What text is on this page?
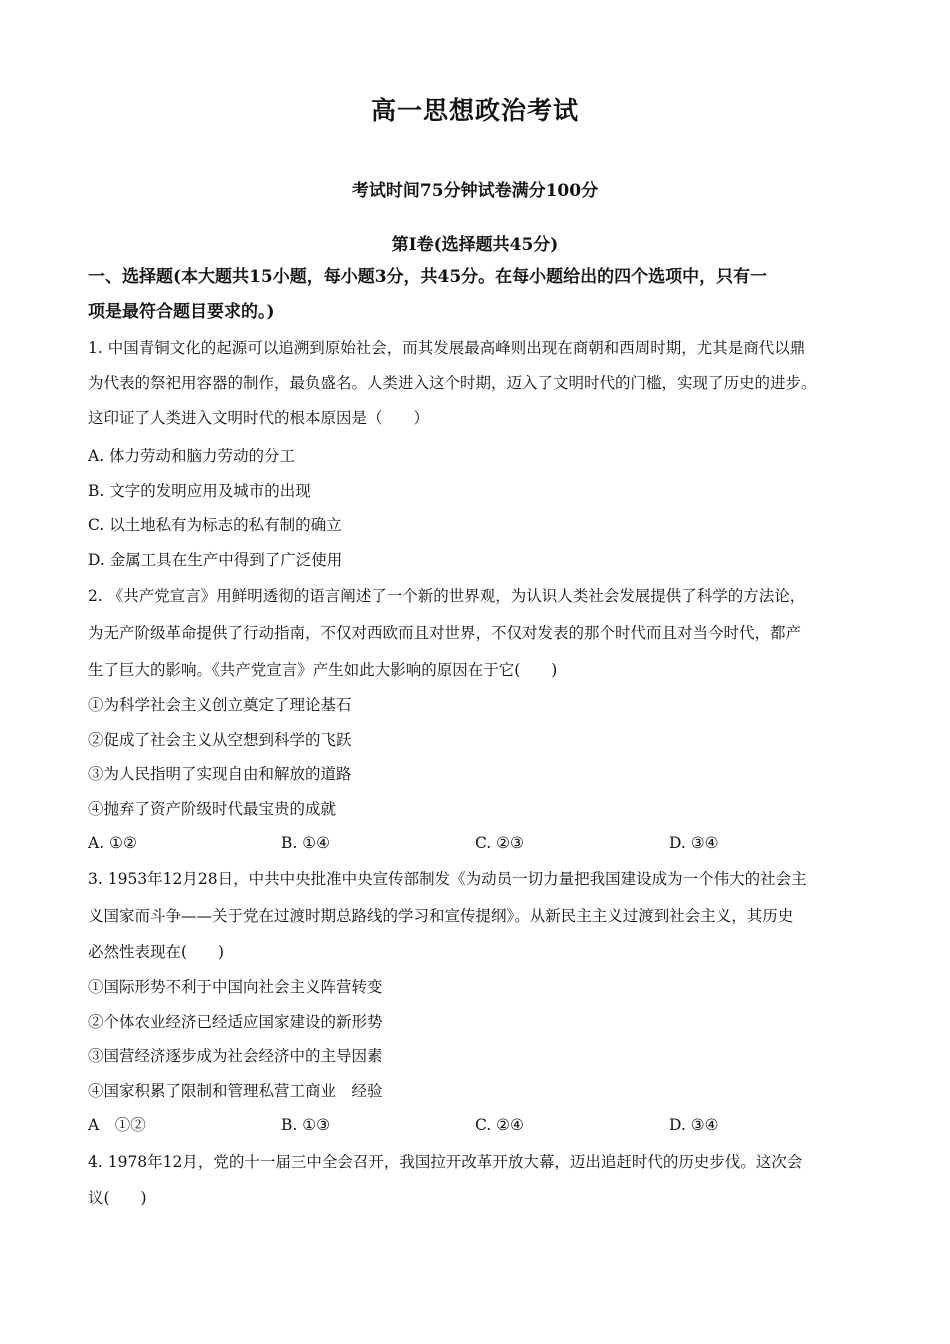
高一思想政治考试
考试时间75分钟试卷满分100分
第Ⅰ卷(选择题共45分)
一、选择题(本大题共15小题，每小题3分，共45分。在每小题给出的四个选项中，只有一
项是最符合题目要求的。)
1. 中国青铜文化的起源可以追溯到原始社会，而其发展最高峰则出现在商朝和西周时期，尤其是商代以鼎
为代表的祭祀用容器的制作，最负盛名。人类进入这个时期，迈入了文明时代的门槛，实现了历史的进步。
这印证了人类进入文明时代的根本原因是（　　）
A. 体力劳动和脑力劳动的分工
B. 文字的发明应用及城市的出现
C. 以土地私有为标志的私有制的确立
D. 金属工具在生产中得到了广泛使用
2. 《共产党宣言》用鲜明透彻的语言阐述了一个新的世界观，为认识人类社会发展提供了科学的方法论，
为无产阶级革命提供了行动指南，不仅对西欧而且对世界，不仅对发表的那个时代而且对当今时代，都产
生了巨大的影响。《共产党宣言》产生如此大影响的原因在于它(　　)
①为科学社会主义创立奠定了理论基石
②促成了社会主义从空想到科学的飞跃
③为人民指明了实现自由和解放的道路
④抛弃了资产阶级时代最宝贵的成就
A. ①②	B. ①④	C. ②③	D. ③④
3. 1953年12月28日，中共中央批准中央宣传部制发《为动员一切力量把我国建设成为一个伟大的社会主
义国家而斗争——关于党在过渡时期总路线的学习和宣传提纲》。从新民主主义过渡到社会主义，其历史
必然性表现在(　　)
①国际形势不利于中国向社会主义阵营转变
②个体农业经济已经适应国家建设的新形势
③国营经济逐步成为社会经济中的主导因素
④国家积累了限制和管理私营工商业　经验
A　①②	B. ①③	C. ②④	D. ③④
4. 1978年12月，党的十一届三中全会召开，我国拉开改革开放大幕，迈出追赶时代的历史步伐。这次会
议(　　)
